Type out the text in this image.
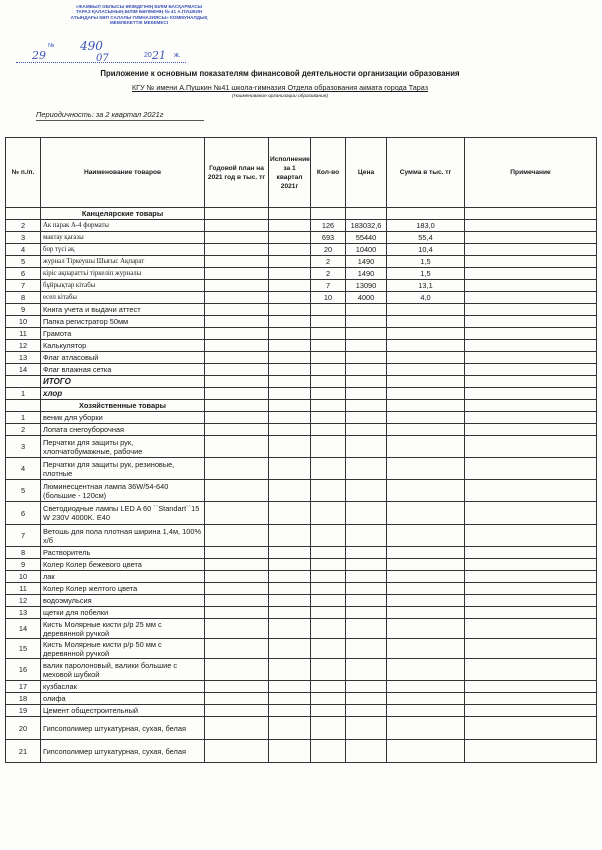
«ЖАМБЫЛ ОБЛЫСЫ ӘКІМДІГІНІҢ БІЛІМ БАСҚАРМАСЫ
ТАРАЗ ҚАЛАСЫНЫҢ БІЛІМ БӨЛІМІНІҢ № 41 А.ПУШКИН
АТЫНДАҒЫ КӨП САЛАЛЫ ГИМНАЗИЯСЫ» КОММУНАЛДЫҚ
МЕМЛЕКЕТТІК МЕКЕМЕСІ
№ 490
29	07	20 21 ж.
Приложение к основным показателям финансовой деятельности организации образования
КГУ № имени А.Пушкин №41 школа-гимназия Отдела образования акмата города Тараз
(Наименование организации образования)
Периодичность: за 2 квартал 2021г
№ п./п.	Наименование товаров	Годовой план на 2021 год в тыс. тг	Исполнение за 1 квартал 2021г	Кол-во	Цена	Сумма в тыс. тг	Примечание
	Канцелярские товары						
2	Ак парак А-4 форматы			126	183032,6	183,0	
3	мактау қағазы			693	55440	55,4	
4	бор түсі ақ			20	10400	10,4	
5	журнал Тіркеушы Шығыс Ақпарат			2	1490	1,5	
6	кіріс ақпараттьі тіркеліп журналы			2	1490	1,5	
7	бұйрықтар кітабы			7	13090	13,1	
8	есеп кітабы			10	4000	4,0	
9	Книга учета и выдачи аттест						
10	Папка регистратор 50мм						
11	Грамота						
12	Калькулятор						
13	Флаг атласовый						
14	Флаг влажная сетка						
	ИТОГО						
1	хлор						
	Хозяйственные товары						
1	веник для уборки						
2	Лопата снегоуборочная						
3	Перчатки для защиты рук, хлопчатобумажные, рабочие						
4	Перчатки для защиты рук, резиновые, плотные						
5	Люминесцентная лампа 36W/54-640 (большие - 120см)						
6	Светодиодные лампы LED A 60 ``Standart``15 W 230V 4000K. E40						
7	Ветошь для пола плотная ширина 1,4м, 100% х/б						
8	Растворитель						
9	Колер Колер бежевого цвета						
10	лак						
11	Колер Колер желтого цвета						
12	водоэмульсия						
13	щетки для побелки						
14	Кисть Молярные кисти р/р 25 мм с деревянной ручкой						
15	Кисть Молярные кисти р/р 50 мм с деревянной ручкой						
16	валик паролоновый, валики большие с меховой шубкой						
17	кузбаслак						
18	олифа						
19	Цемент общестроительный						
20	Гипсополимер штукатурная, сухая, белая						
21	Гипсополимер штукатурная, сухая, белая						
